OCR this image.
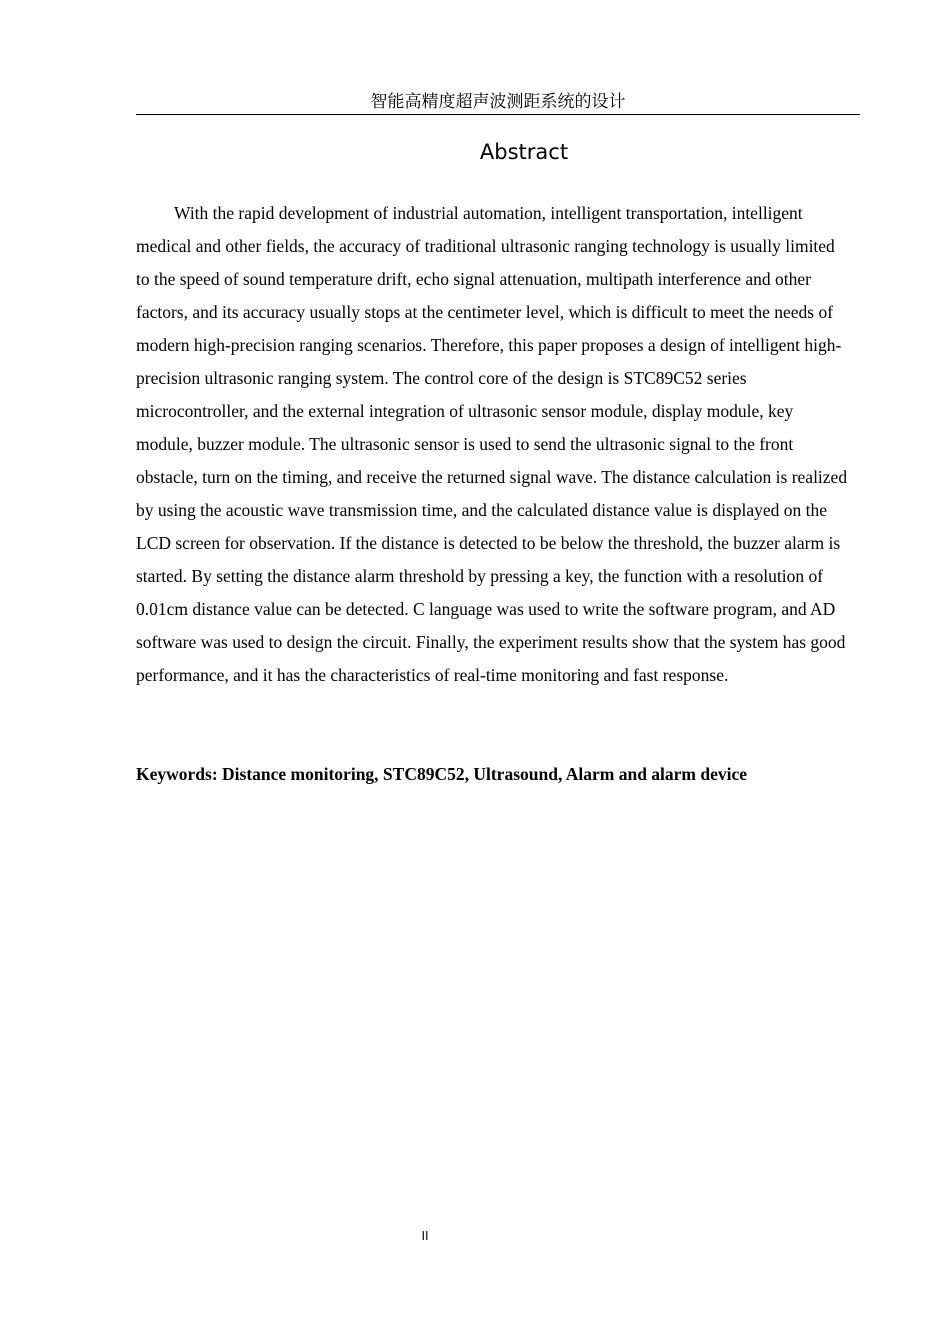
智能高精度超声波测距系统的设计
Abstract

With the rapid development of industrial automation, intelligent transportation, intelligent medical and other fields, the accuracy of traditional ultrasonic ranging technology is usually limited to the speed of sound temperature drift, echo signal attenuation, multipath interference and other factors, and its accuracy usually stops at the centimeter level, which is difficult to meet the needs of modern high-precision ranging scenarios. Therefore, this paper proposes a design of intelligent high-precision ultrasonic ranging system. The control core of the design is STC89C52 series microcontroller, and the external integration of ultrasonic sensor module, display module, key module, buzzer module. The ultrasonic sensor is used to send the ultrasonic signal to the front obstacle, turn on the timing, and receive the returned signal wave. The distance calculation is realized by using the acoustic wave transmission time, and the calculated distance value is displayed on the LCD screen for observation. If the distance is detected to be below the threshold, the buzzer alarm is started. By setting the distance alarm threshold by pressing a key, the function with a resolution of 0.01cm distance value can be detected. C language was used to write the software program, and AD software was used to design the circuit. Finally, the experiment results show that the system has good performance, and it has the characteristics of real-time monitoring and fast response.

Keywords: Distance monitoring, STC89C52, Ultrasound, Alarm and alarm device
II
